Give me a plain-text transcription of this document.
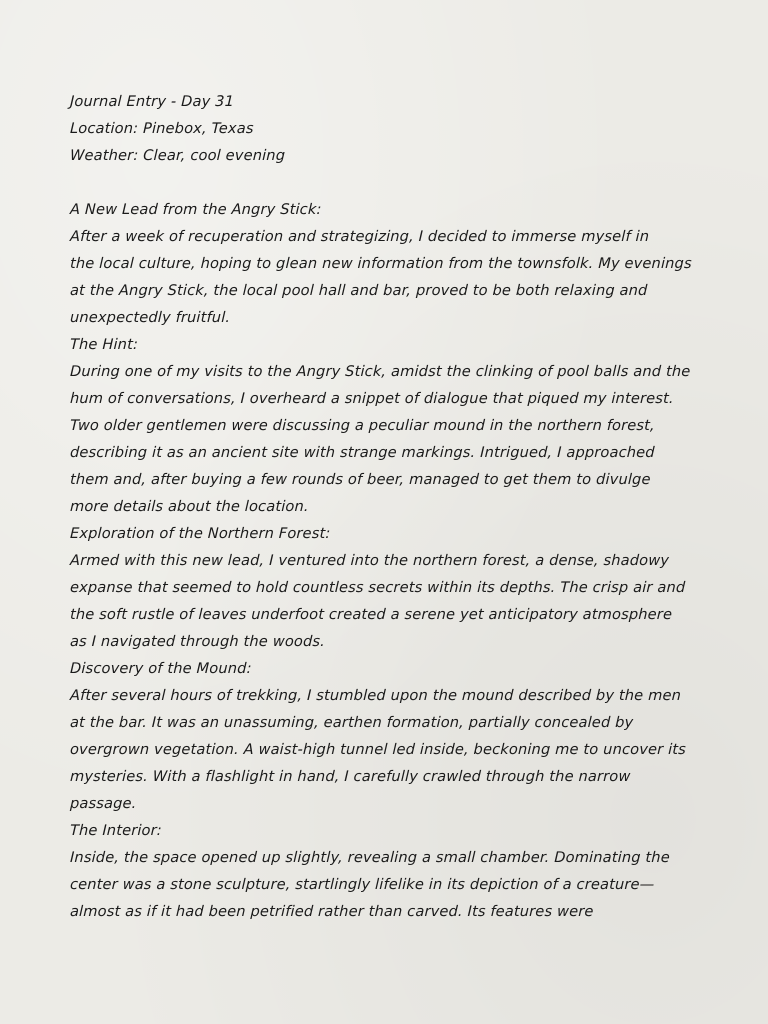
Journal Entry - Day 31
Location: Pinebox, Texas
Weather: Clear, cool evening
A New Lead from the Angry Stick:
After a week of recuperation and strategizing, I decided to immerse myself in
the local culture, hoping to glean new information from the townsfolk. My evenings
at the Angry Stick, the local pool hall and bar, proved to be both relaxing and
unexpectedly fruitful.
The Hint:
During one of my visits to the Angry Stick, amidst the clinking of pool balls and the
hum of conversations, I overheard a snippet of dialogue that piqued my interest.
Two older gentlemen were discussing a peculiar mound in the northern forest,
describing it as an ancient site with strange markings. Intrigued, I approached
them and, after buying a few rounds of beer, managed to get them to divulge
more details about the location.
Exploration of the Northern Forest:
Armed with this new lead, I ventured into the northern forest, a dense, shadowy
expanse that seemed to hold countless secrets within its depths. The crisp air and
the soft rustle of leaves underfoot created a serene yet anticipatory atmosphere
as I navigated through the woods.
Discovery of the Mound:
After several hours of trekking, I stumbled upon the mound described by the men
at the bar. It was an unassuming, earthen formation, partially concealed by
overgrown vegetation. A waist-high tunnel led inside, beckoning me to uncover its
mysteries. With a flashlight in hand, I carefully crawled through the narrow
passage.
The Interior:
Inside, the space opened up slightly, revealing a small chamber. Dominating the
center was a stone sculpture, startlingly lifelike in its depiction of a creature—
almost as if it had been petrified rather than carved. Its features were
